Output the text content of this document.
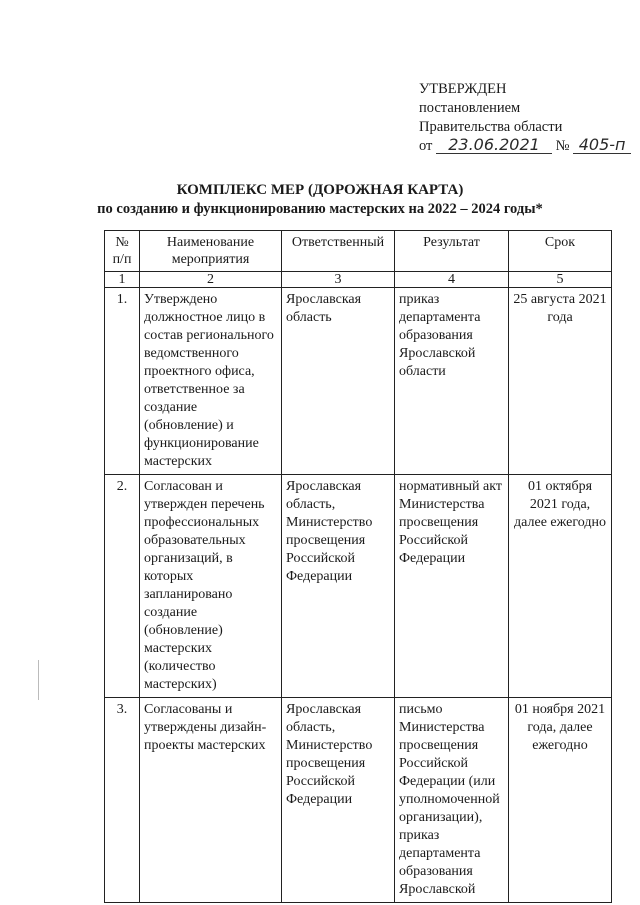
УТВЕРЖДЕН
постановлением
Правительства области
от 23.06.2021 № 405-п
КОМПЛЕКС МЕР (ДОРОЖНАЯ КАРТА)
по созданию и функционированию мастерских на 2022 – 2024 годы*
№ п/п	Наименование мероприятия	Ответственный	Результат	Срок
1	2	3	4	5
1.	Утверждено должностное лицо в состав регионального ведомственного проектного офиса, ответственное за создание (обновление) и функционирование мастерских	Ярославская область	приказ департамента образования Ярославской области	25 августа 2021 года
2.	Согласован и утвержден перечень профессиональных образовательных организаций, в которых запланировано создание (обновление) мастерских (количество мастерских)	Ярославская область, Министерство просвещения Российской Федерации	нормативный акт Министерства просвещения Российской Федерации	01 октября 2021 года, далее ежегодно
3.	Согласованы и утверждены дизайн-проекты мастерских	Ярославская область, Министерство просвещения Российской Федерации	письмо Министерства просвещения Российской Федерации (или уполномоченной организации), приказ департамента образования Ярославской	01 ноября 2021 года, далее ежегодно
